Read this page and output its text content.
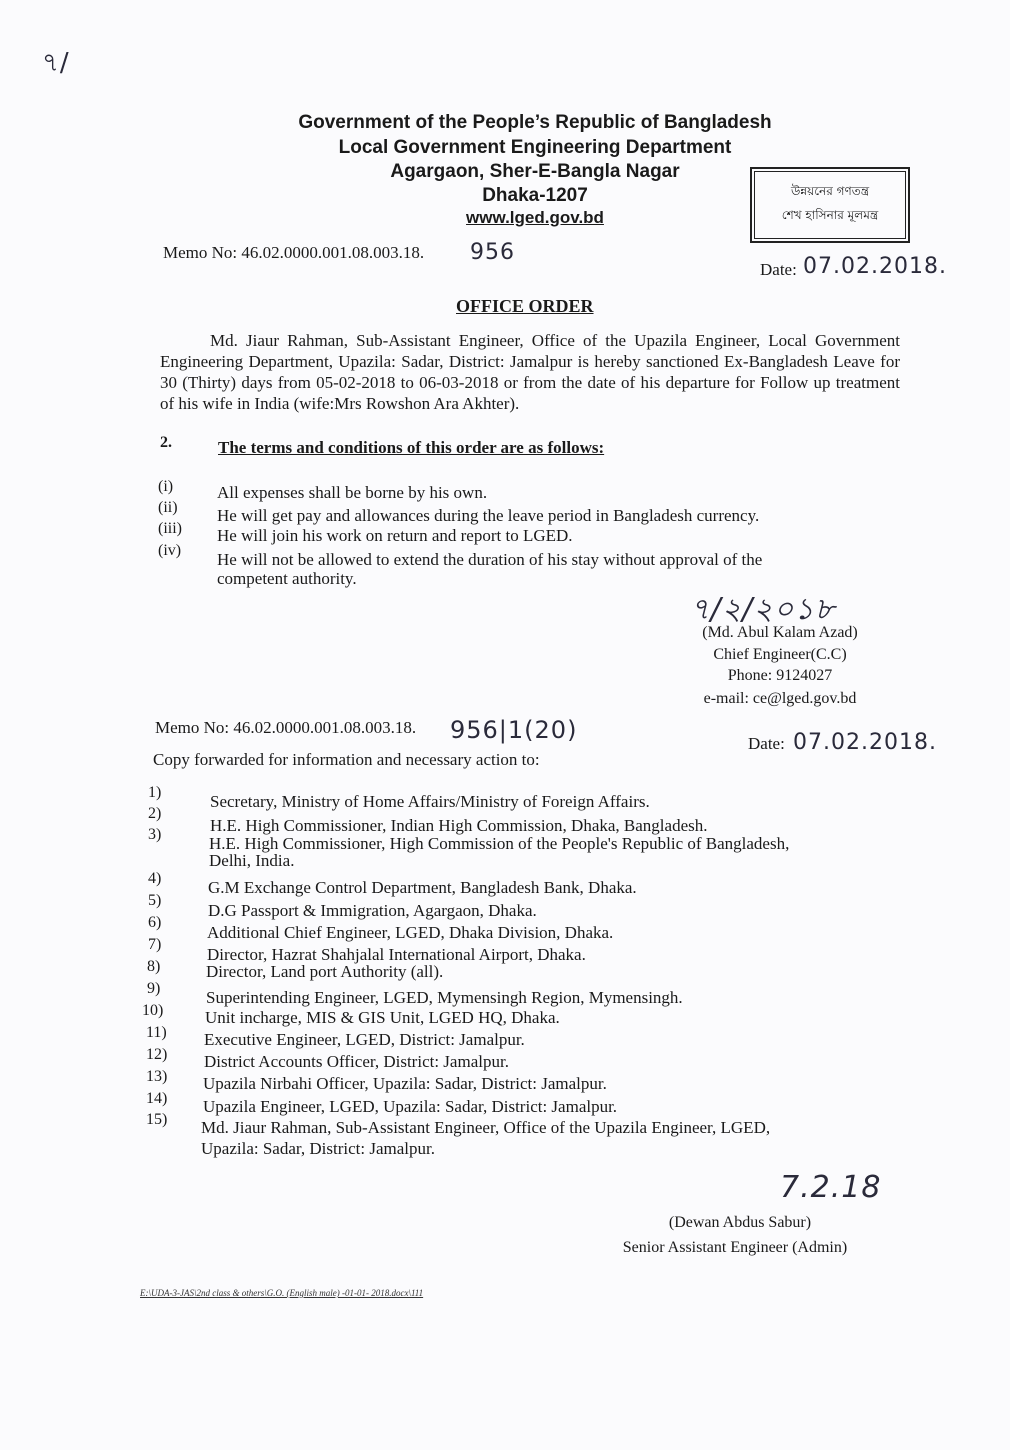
৭/
Government of the People’s Republic of Bangladesh
Local Government Engineering Department
Agargaon, Sher-E-Bangla Nagar
Dhaka-1207
www.lged.gov.bd
উন্নয়নের গণতন্ত্র
শেখ হাসিনার মূলমন্ত্র
Memo No: 46.02.0000.001.08.003.18. 956
Date: 07.02.2018.
OFFICE ORDER
Md. Jiaur Rahman, Sub-Assistant Engineer, Office of the Upazila Engineer, Local Government Engineering Department, Upazila: Sadar, District: Jamalpur is hereby sanctioned Ex-Bangladesh Leave for 30 (Thirty) days from 05-02-2018 to 06-03-2018 or from the date of his departure for Follow up treatment of his wife in India (wife:Mrs Rowshon Ara Akhter).
2.	The terms and conditions of this order are as follows:
(i)	All expenses shall be borne by his own.
(ii) He will get pay and allowances during the leave period in Bangladesh currency.
(iii) He will join his work on return and report to LGED.
(iv) He will not be allowed to extend the duration of his stay without approval of the
competent authority.
৭/২/২০১৮
(Md. Abul Kalam Azad)
Chief Engineer(C.C)
Phone: 9124027
e-mail: ce@lged.gov.bd
Memo No: 46.02.0000.001.08.003.18. 956|1(20)	Date: 07.02.2018.
Copy forwarded for information and necessary action to:
1)	Secretary, Ministry of Home Affairs/Ministry of Foreign Affairs.
2)
H.E. High Commissioner, Indian High Commission, Dhaka, Bangladesh.
3)	H.E. High Commissioner, High Commission of the People's Republic of Bangladesh,
Delhi, India.
4)	G.M Exchange Control Department, Bangladesh Bank, Dhaka.
5)
D.G Passport & Immigration, Agargaon, Dhaka.
6)
Additional Chief Engineer, LGED, Dhaka Division, Dhaka.
7)
Director, Hazrat Shahjalal International Airport, Dhaka.
8)	Director, Land port Authority (all).
9)	Superintending Engineer, LGED, Mymensingh Region, Mymensingh.
10) Unit incharge, MIS & GIS Unit, LGED HQ, Dhaka.
11) Executive Engineer, LGED, District: Jamalpur.
12) District Accounts Officer, District: Jamalpur.
13) Upazila Nirbahi Officer, Upazila: Sadar, District: Jamalpur.
14) Upazila Engineer, LGED, Upazila: Sadar, District: Jamalpur.
15) Md. Jiaur Rahman, Sub-Assistant Engineer, Office of the Upazila Engineer, LGED,
Upazila: Sadar, District: Jamalpur.
7.2.18
(Dewan Abdus Sabur)
Senior Assistant Engineer (Admin)
E:\UDA-3-JAS\2nd class & others\G.O. (English male) -01-01- 2018.docx\111
